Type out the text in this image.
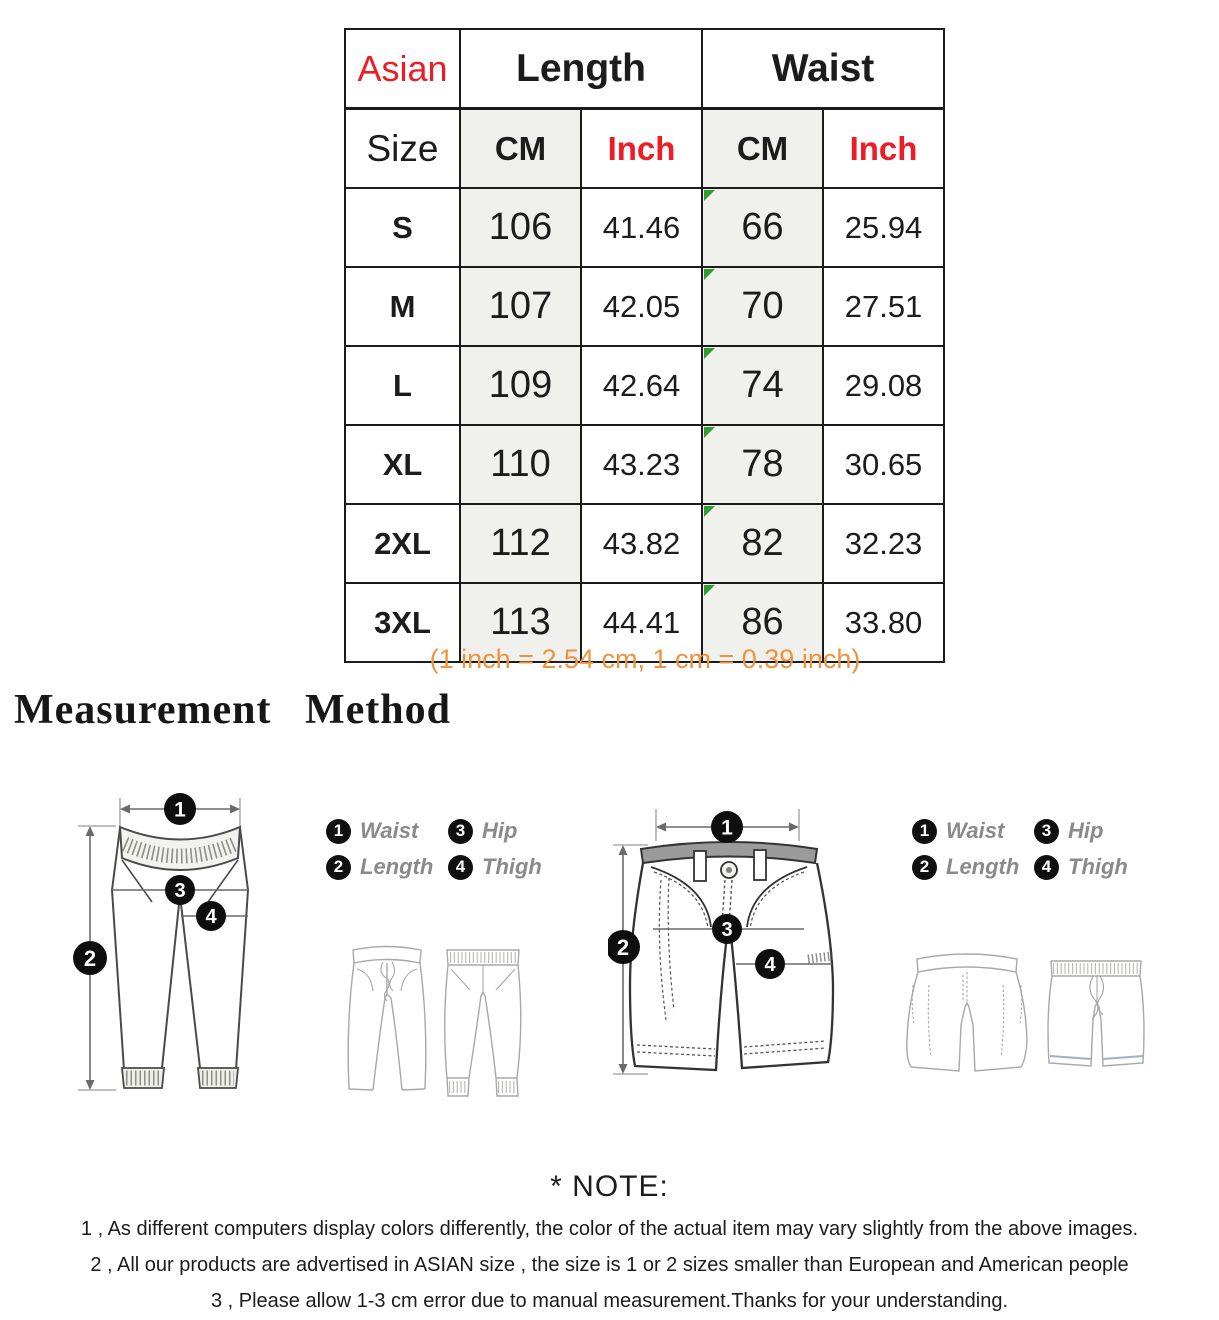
Asian	Length		Waist	
Size	CM	Inch	CM	Inch
S	106	41.46	66	25.94
M	107	42.05	70	27.51
L	109	42.64	74	29.08
XL	110	43.23	78	30.65
2XL	112	43.82	82	32.23
3XL	113	44.41	86	33.80
(1 inch = 2.54 cm, 1 cm = 0.39 inch)
Measurement Method
1
2
3
4
1 Waist	3 Hip
2 Length	4 Thigh
1
2
3
4
1 Waist	3 Hip
2 Length	4 Thigh
* NOTE:
1 , As different computers display colors differently, the color of the actual item may vary slightly from the above images.
2 , All our products are advertised in ASIAN size , the size is 1 or 2 sizes smaller than European and American people
3 , Please allow 1-3 cm error due to manual measurement.Thanks for your understanding.
